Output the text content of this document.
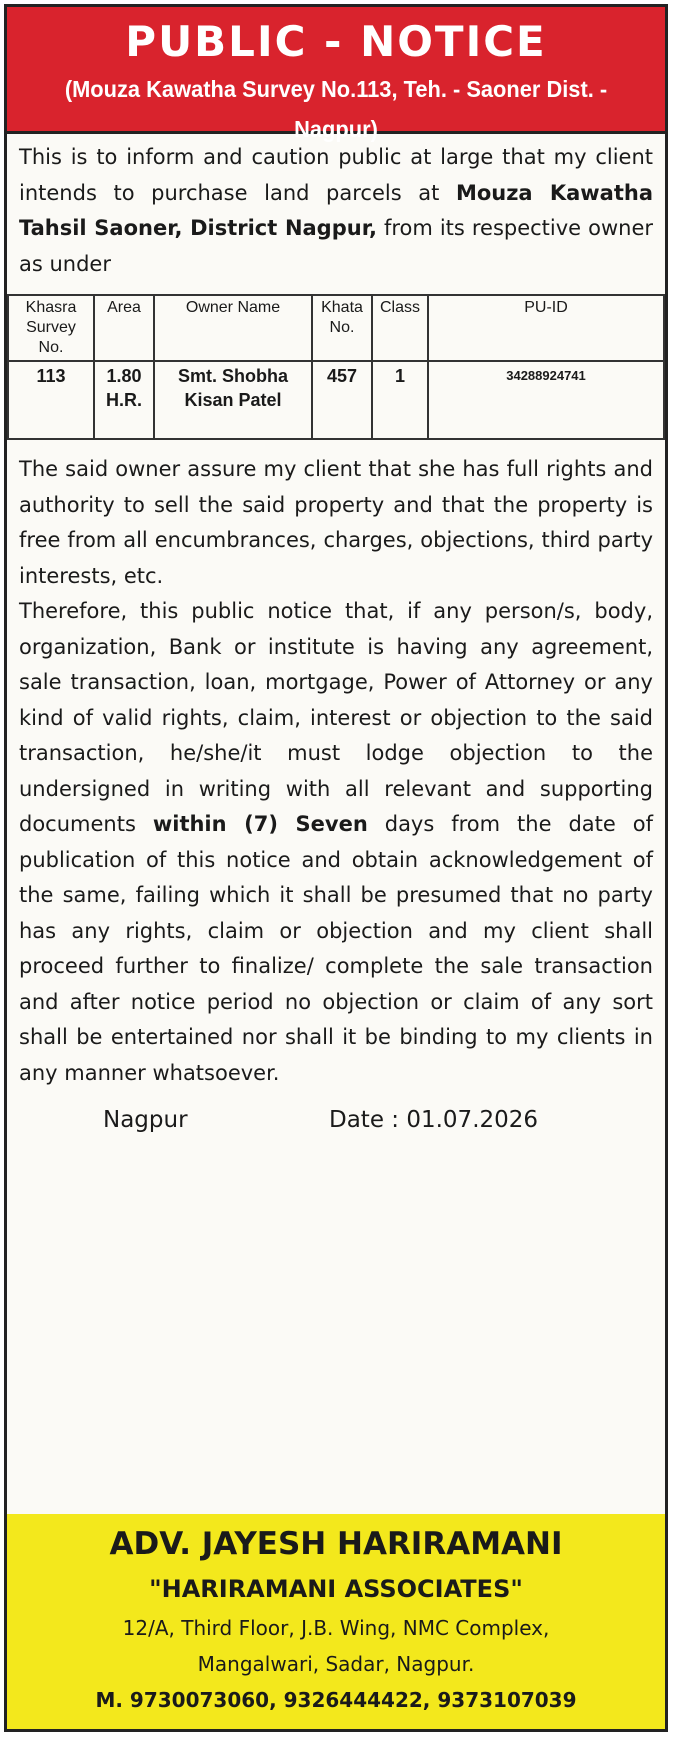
PUBLIC - NOTICE
(Mouza Kawatha Survey No.113, Teh. - Saoner Dist. - Nagpur)

This is to inform and caution public at large that my client intends to purchase land parcels at Mouza Kawatha Tahsil Saoner, District Nagpur, from its respective owner as under

Khasra Survey No.	Area	Owner Name	Khata No.	Class	PU-ID
113	1.80 H.R.	Smt. Shobha Kisan Patel	457	1	34288924741

The said owner assure my client that she has full rights and authority to sell the said property and that the property is free from all encumbrances, charges, objections, third party interests, etc.

Therefore, this public notice that, if any person/s, body, organization, Bank or institute is having any agreement, sale transaction, loan, mortgage, Power of Attorney or any kind of valid rights, claim, interest or objection to the said transaction, he/she/it must lodge objection to the undersigned in writing with all relevant and supporting documents within (7) Seven days from the date of publication of this notice and obtain acknowledgement of the same, failing which it shall be presumed that no party has any rights, claim or objection and my client shall proceed further to finalize/ complete the sale transaction and after notice period no objection or claim of any sort shall be entertained nor shall it be binding to my clients in any manner whatsoever.

Nagpur	Date : 01.07.2026
ADV. JAYESH HARIRAMANI
"HARIRAMANI ASSOCIATES"
12/A, Third Floor, J.B. Wing, NMC Complex,
Mangalwari, Sadar, Nagpur.
M. 9730073060, 9326444422, 9373107039
